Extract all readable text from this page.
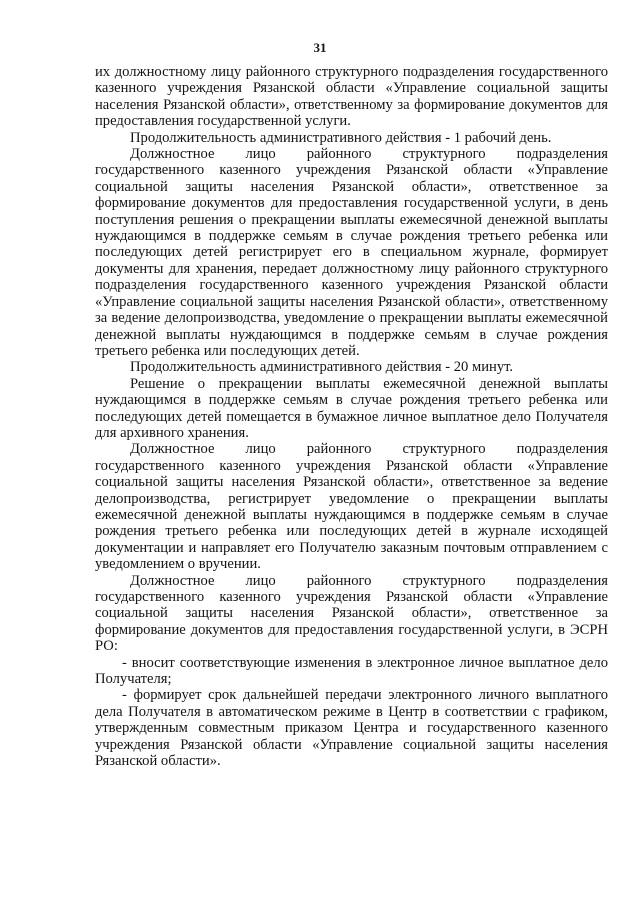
31

их должностному лицу районного структурного подразделения государственного казенного учреждения Рязанской области «Управление социальной защиты населения Рязанской области», ответственному за формирование документов для предоставления государственной услуги.

Продолжительность административного действия - 1 рабочий день.

Должностное лицо районного структурного подразделения государственного казенного учреждения Рязанской области «Управление социальной защиты населения Рязанской области», ответственное за формирование документов для предоставления государственной услуги, в день поступления решения о прекращении выплаты ежемесячной денежной выплаты нуждающимся в поддержке семьям в случае рождения третьего ребенка или последующих детей регистрирует его в специальном журнале, формирует документы для хранения, передает должностному лицу районного структурного подразделения государственного казенного учреждения Рязанской области «Управление социальной защиты населения Рязанской области», ответственному за ведение делопроизводства, уведомление о прекращении выплаты ежемесячной денежной выплаты нуждающимся в поддержке семьям в случае рождения третьего ребенка или последующих детей.

Продолжительность административного действия - 20 минут.

Решение о прекращении выплаты ежемесячной денежной выплаты нуждающимся в поддержке семьям в случае рождения третьего ребенка или последующих детей помещается в бумажное личное выплатное дело Получателя для архивного хранения.

Должностное лицо районного структурного подразделения государственного казенного учреждения Рязанской области «Управление социальной защиты населения Рязанской области», ответственное за ведение делопроизводства, регистрирует уведомление о прекращении выплаты ежемесячной денежной выплаты нуждающимся в поддержке семьям в случае рождения третьего ребенка или последующих детей в журнале исходящей документации и направляет его Получателю заказным почтовым отправлением с уведомлением о вручении.

Должностное лицо районного структурного подразделения государственного казенного учреждения Рязанской области «Управление социальной защиты населения Рязанской области», ответственное за формирование документов для предоставления государственной услуги, в ЭСРН РО:

- вносит соответствующие изменения в электронное личное выплатное дело Получателя;

- формирует срок дальнейшей передачи электронного личного выплатного дела Получателя в автоматическом режиме в Центр в соответствии с графиком, утвержденным совместным приказом Центра и государственного казенного учреждения Рязанской области «Управление социальной защиты населения Рязанской области».
